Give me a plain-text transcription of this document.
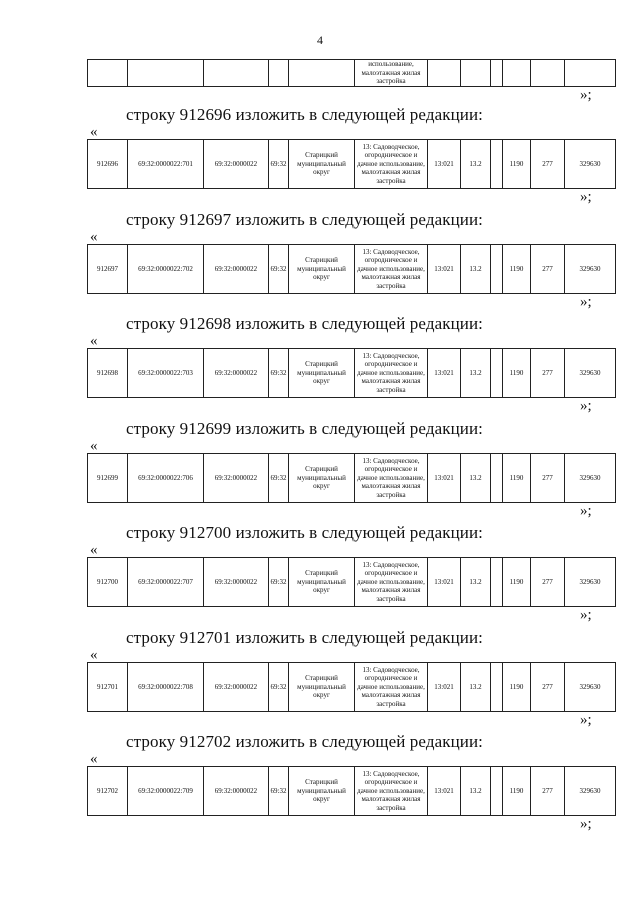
4
					использование, малоэтажная жилая застройка						
»;
строку 912696 изложить в следующей редакции:
«
912696	69:32:0000022:701	69:32:0000022	69:32	Старицкий муниципальный округ	13: Садоводческое, огородническое и дачное использование, малоэтажная жилая застройка	13:021	13.2		1190	277	329630
»;
строку 912697 изложить в следующей редакции:
«
912697	69:32:0000022:702	69:32:0000022	69:32	Старицкий муниципальный округ	13: Садоводческое, огородническое и дачное использование, малоэтажная жилая застройка	13:021	13.2		1190	277	329630
»;
строку 912698 изложить в следующей редакции:
«
912698	69:32:0000022:703	69:32:0000022	69:32	Старицкий муниципальный округ	13: Садоводческое, огородническое и дачное использование, малоэтажная жилая застройка	13:021	13.2		1190	277	329630
»;
строку 912699 изложить в следующей редакции:
«
912699	69:32:0000022:706	69:32:0000022	69:32	Старицкий муниципальный округ	13: Садоводческое, огородническое и дачное использование, малоэтажная жилая застройка	13:021	13.2		1190	277	329630
»;
строку 912700 изложить в следующей редакции:
«
912700	69:32:0000022:707	69:32:0000022	69:32	Старицкий муниципальный округ	13: Садоводческое, огородническое и дачное использование, малоэтажная жилая застройка	13:021	13.2		1190	277	329630
»;
строку 912701 изложить в следующей редакции:
«
912701	69:32:0000022:708	69:32:0000022	69:32	Старицкий муниципальный округ	13: Садоводческое, огородническое и дачное использование, малоэтажная жилая застройка	13:021	13.2		1190	277	329630
»;
строку 912702 изложить в следующей редакции:
«
912702	69:32:0000022:709	69:32:0000022	69:32	Старицкий муниципальный округ	13: Садоводческое, огородническое и дачное использование, малоэтажная жилая застройка	13:021	13.2		1190	277	329630
»;
